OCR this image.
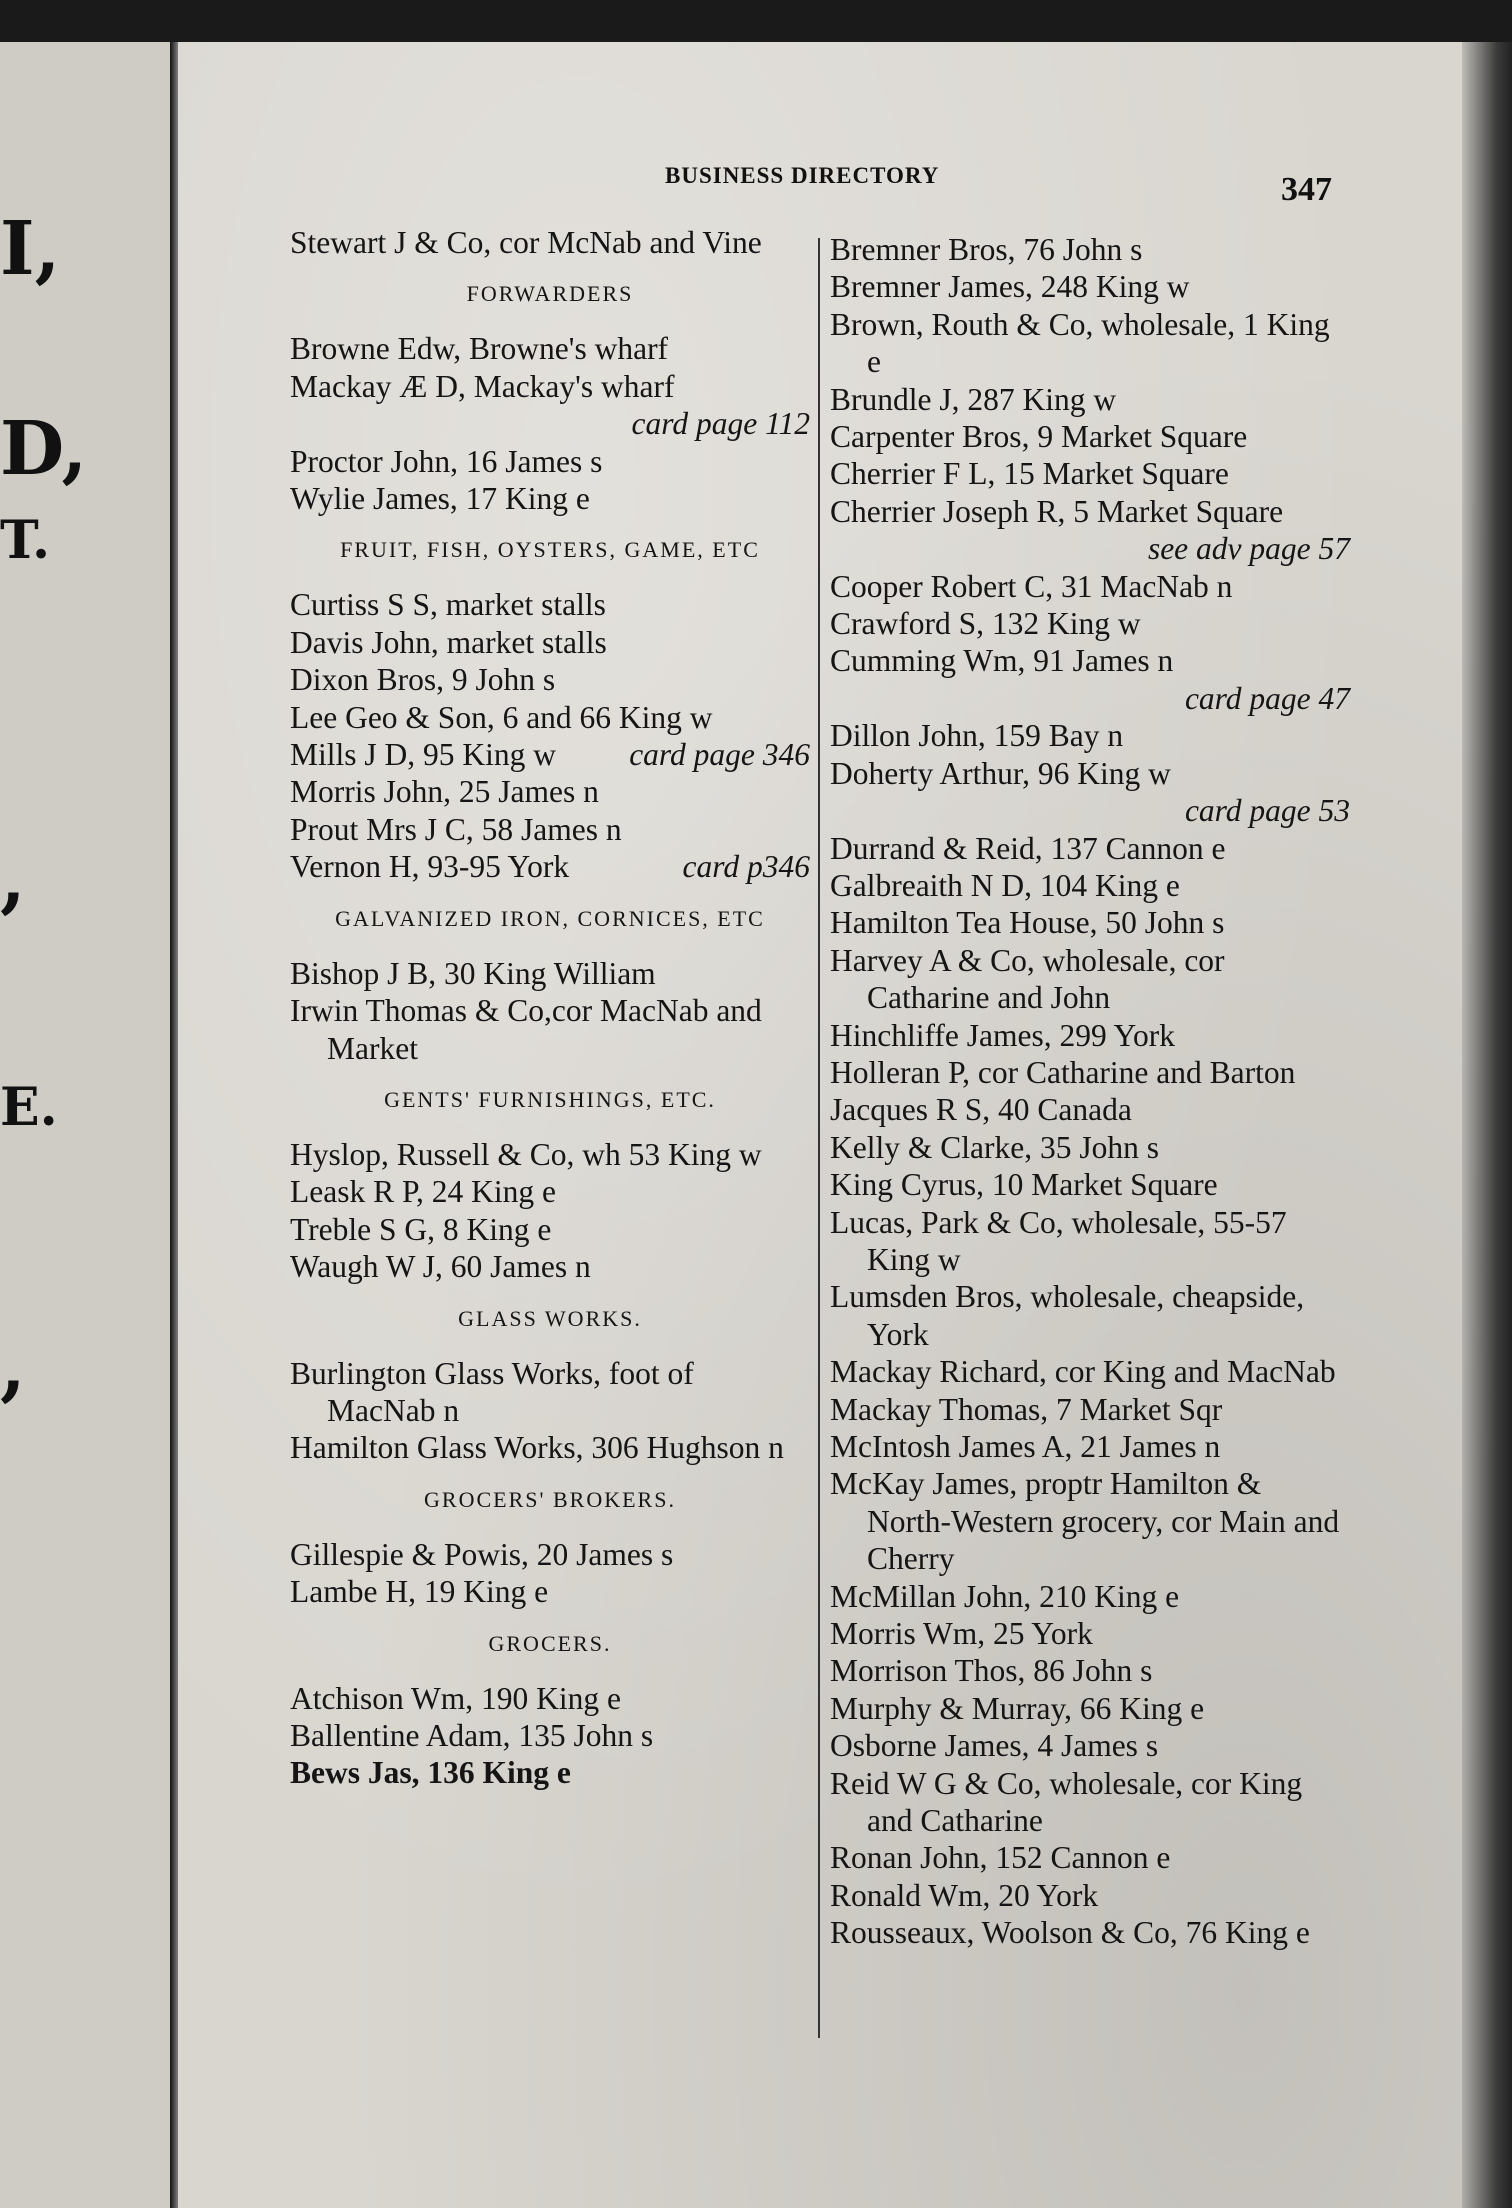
I,
D,
T.
,
E.
,
BUSINESS DIRECTORY	347
Stewart J & Co, cor McNab and Vine
FORWARDERS
Browne Edw, Browne's wharf
Mackay Æ D, Mackay's wharf
card page 112
Proctor John, 16 James s
Wylie James, 17 King e
FRUIT, FISH, OYSTERS, GAME, ETC
Curtiss S S, market stalls
Davis John, market stalls
Dixon Bros, 9 John s
Lee Geo & Son, 6 and 66 King w
Mills J D, 95 King w card page 346
Morris John, 25 James n
Prout Mrs J C, 58 James n
Vernon H, 93-95 York	card p346
GALVANIZED IRON, CORNICES, ETC
Bishop J B, 30 King William
Irwin Thomas & Co,cor MacNab and Market
GENTS' FURNISHINGS, ETC.
Hyslop, Russell & Co, wh 53 King w
Leask R P, 24 King e
Treble S G, 8 King e
Waugh W J, 60 James n
GLASS WORKS.
Burlington Glass Works, foot of MacNab n
Hamilton Glass Works, 306 Hughson n
GROCERS' BROKERS.
Gillespie & Powis, 20 James s
Lambe H, 19 King e
GROCERS.
Atchison Wm, 190 King e
Ballentine Adam, 135 John s
Bews Jas, 136 King e
Bremner Bros, 76 John s
Bremner James, 248 King w
Brown, Routh & Co, wholesale, 1 King e
Brundle J, 287 King w
Carpenter Bros, 9 Market Square
Cherrier F L, 15 Market Square
Cherrier Joseph R, 5 Market Square
see adv page 57
Cooper Robert C, 31 MacNab n
Crawford S, 132 King w
Cumming Wm, 91 James n
card page 47
Dillon John, 159 Bay n
Doherty Arthur, 96 King w
card page 53
Durrand & Reid, 137 Cannon e
Galbreaith N D, 104 King e
Hamilton Tea House, 50 John s
Harvey A & Co, wholesale, cor Catharine and John
Hinchliffe James, 299 York
Holleran P, cor Catharine and Barton
Jacques R S, 40 Canada
Kelly & Clarke, 35 John s
King Cyrus, 10 Market Square
Lucas, Park & Co, wholesale, 55-57 King w
Lumsden Bros, wholesale, cheapside, York
Mackay Richard, cor King and MacNab
Mackay Thomas, 7 Market Sqr
McIntosh James A, 21 James n
McKay James, proptr Hamilton & North-Western grocery, cor Main and Cherry
McMillan John, 210 King e
Morris Wm, 25 York
Morrison Thos, 86 John s
Murphy & Murray, 66 King e
Osborne James, 4 James s
Reid W G & Co, wholesale, cor King and Catharine
Ronan John, 152 Cannon e
Ronald Wm, 20 York
Rousseaux, Woolson & Co, 76 King e
